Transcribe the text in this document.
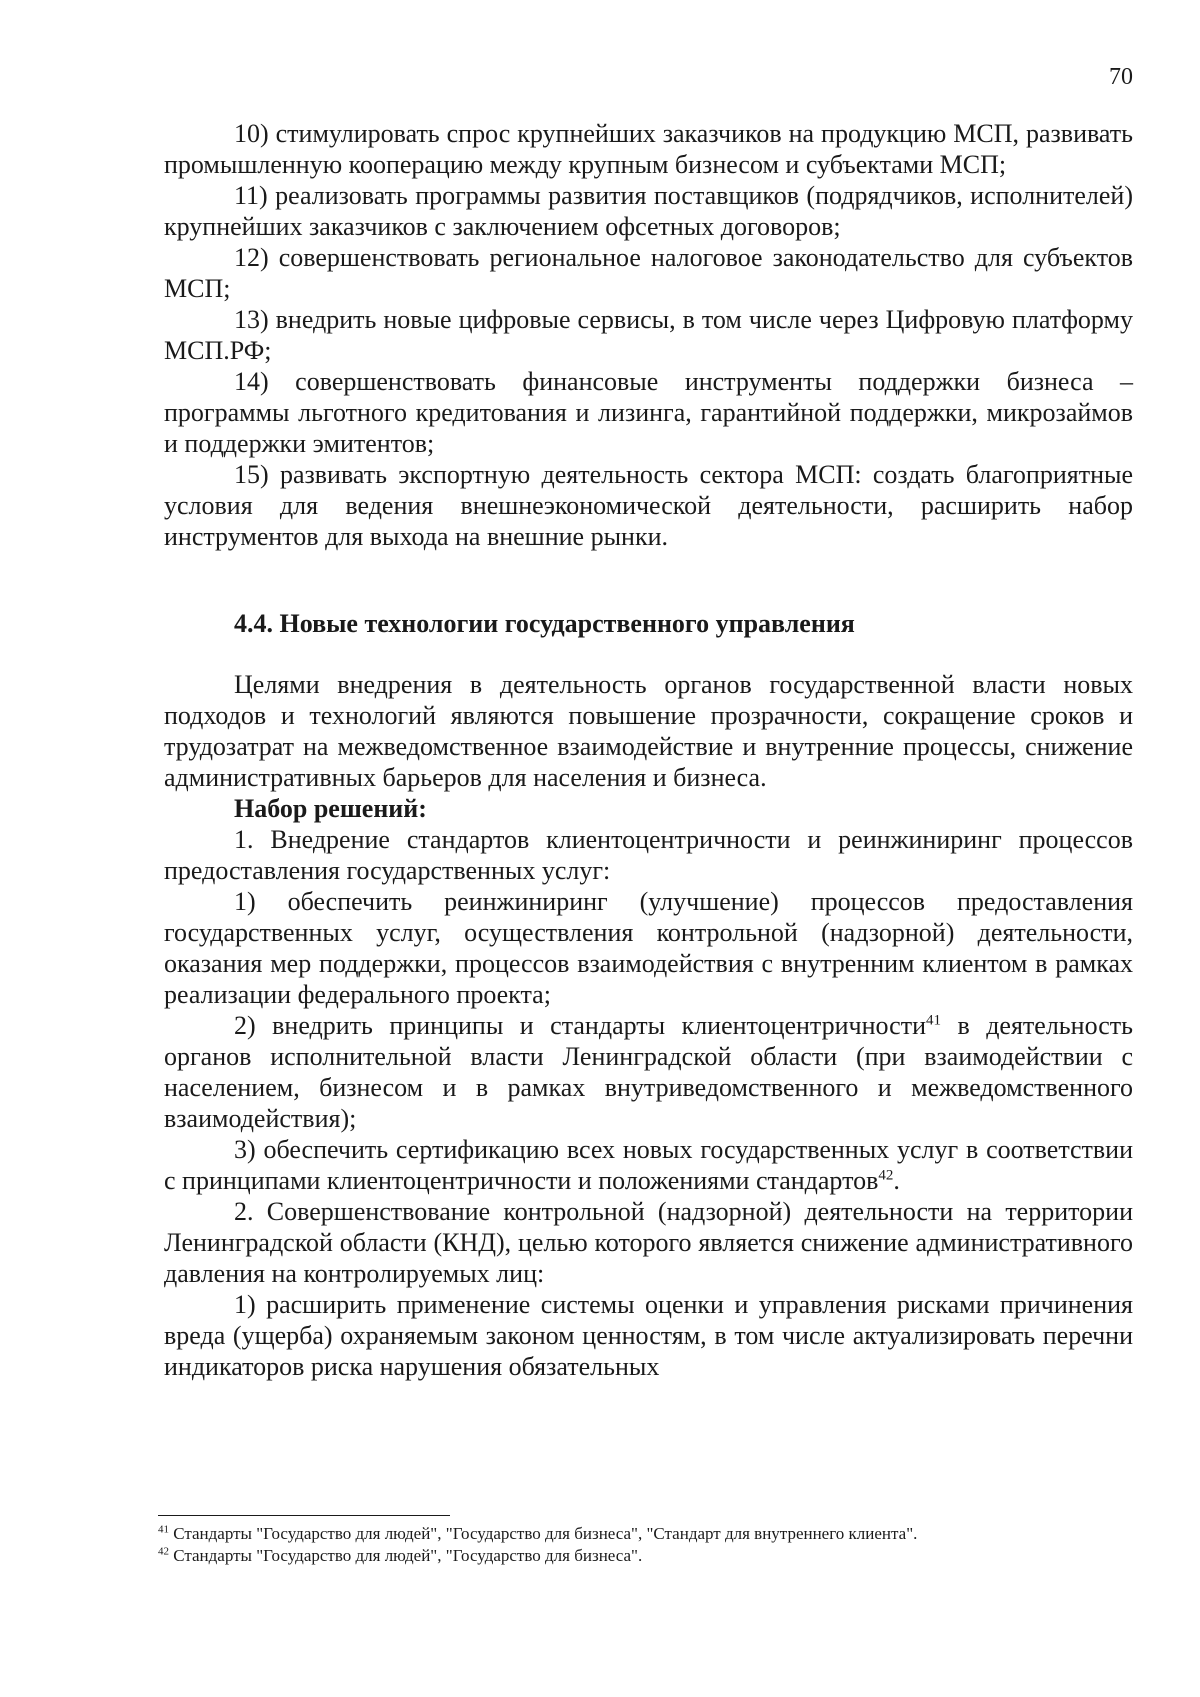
70

10) стимулировать спрос крупнейших заказчиков на продукцию МСП, развивать промышленную кооперацию между крупным бизнесом и субъектами МСП;

11) реализовать программы развития поставщиков (подрядчиков, исполнителей) крупнейших заказчиков с заключением офсетных договоров;

12) совершенствовать региональное налоговое законодательство для субъектов МСП;

13) внедрить новые цифровые сервисы, в том числе через Цифровую платформу МСП.РФ;

14) совершенствовать финансовые инструменты поддержки бизнеса – программы льготного кредитования и лизинга, гарантийной поддержки, микрозаймов и поддержки эмитентов;

15) развивать экспортную деятельность сектора МСП: создать благоприятные условия для ведения внешнеэкономической деятельности, расширить набор инструментов для выхода на внешние рынки.

4.4. Новые технологии государственного управления

Целями внедрения в деятельность органов государственной власти новых подходов и технологий являются повышение прозрачности, сокращение сроков и трудозатрат на межведомственное взаимодействие и внутренние процессы, снижение административных барьеров для населения и бизнеса.

Набор решений:

1. Внедрение стандартов клиентоцентричности и реинжиниринг процессов предоставления государственных услуг:

1) обеспечить реинжиниринг (улучшение) процессов предоставления государственных услуг, осуществления контрольной (надзорной) деятельности, оказания мер поддержки, процессов взаимодействия с внутренним клиентом в рамках реализации федерального проекта;

2) внедрить принципы и стандарты клиентоцентричности$^{41}$ в деятельность органов исполнительной власти Ленинградской области (при взаимодействии с населением, бизнесом и в рамках внутриведомственного и межведомственного взаимодействия);

3) обеспечить сертификацию всех новых государственных услуг в соответствии с принципами клиентоцентричности и положениями стандартов$^{42}$.

2. Совершенствование контрольной (надзорной) деятельности на территории Ленинградской области (КНД), целью которого является снижение административного давления на контролируемых лиц:

1) расширить применение системы оценки и управления рисками причинения вреда (ущерба) охраняемым законом ценностям, в том числе актуализировать перечни индикаторов риска нарушения обязательных

$^{41}$ Стандарты "Государство для людей", "Государство для бизнеса", "Стандарт для внутреннего клиента".
$^{42}$ Стандарты "Государство для людей", "Государство для бизнеса".
